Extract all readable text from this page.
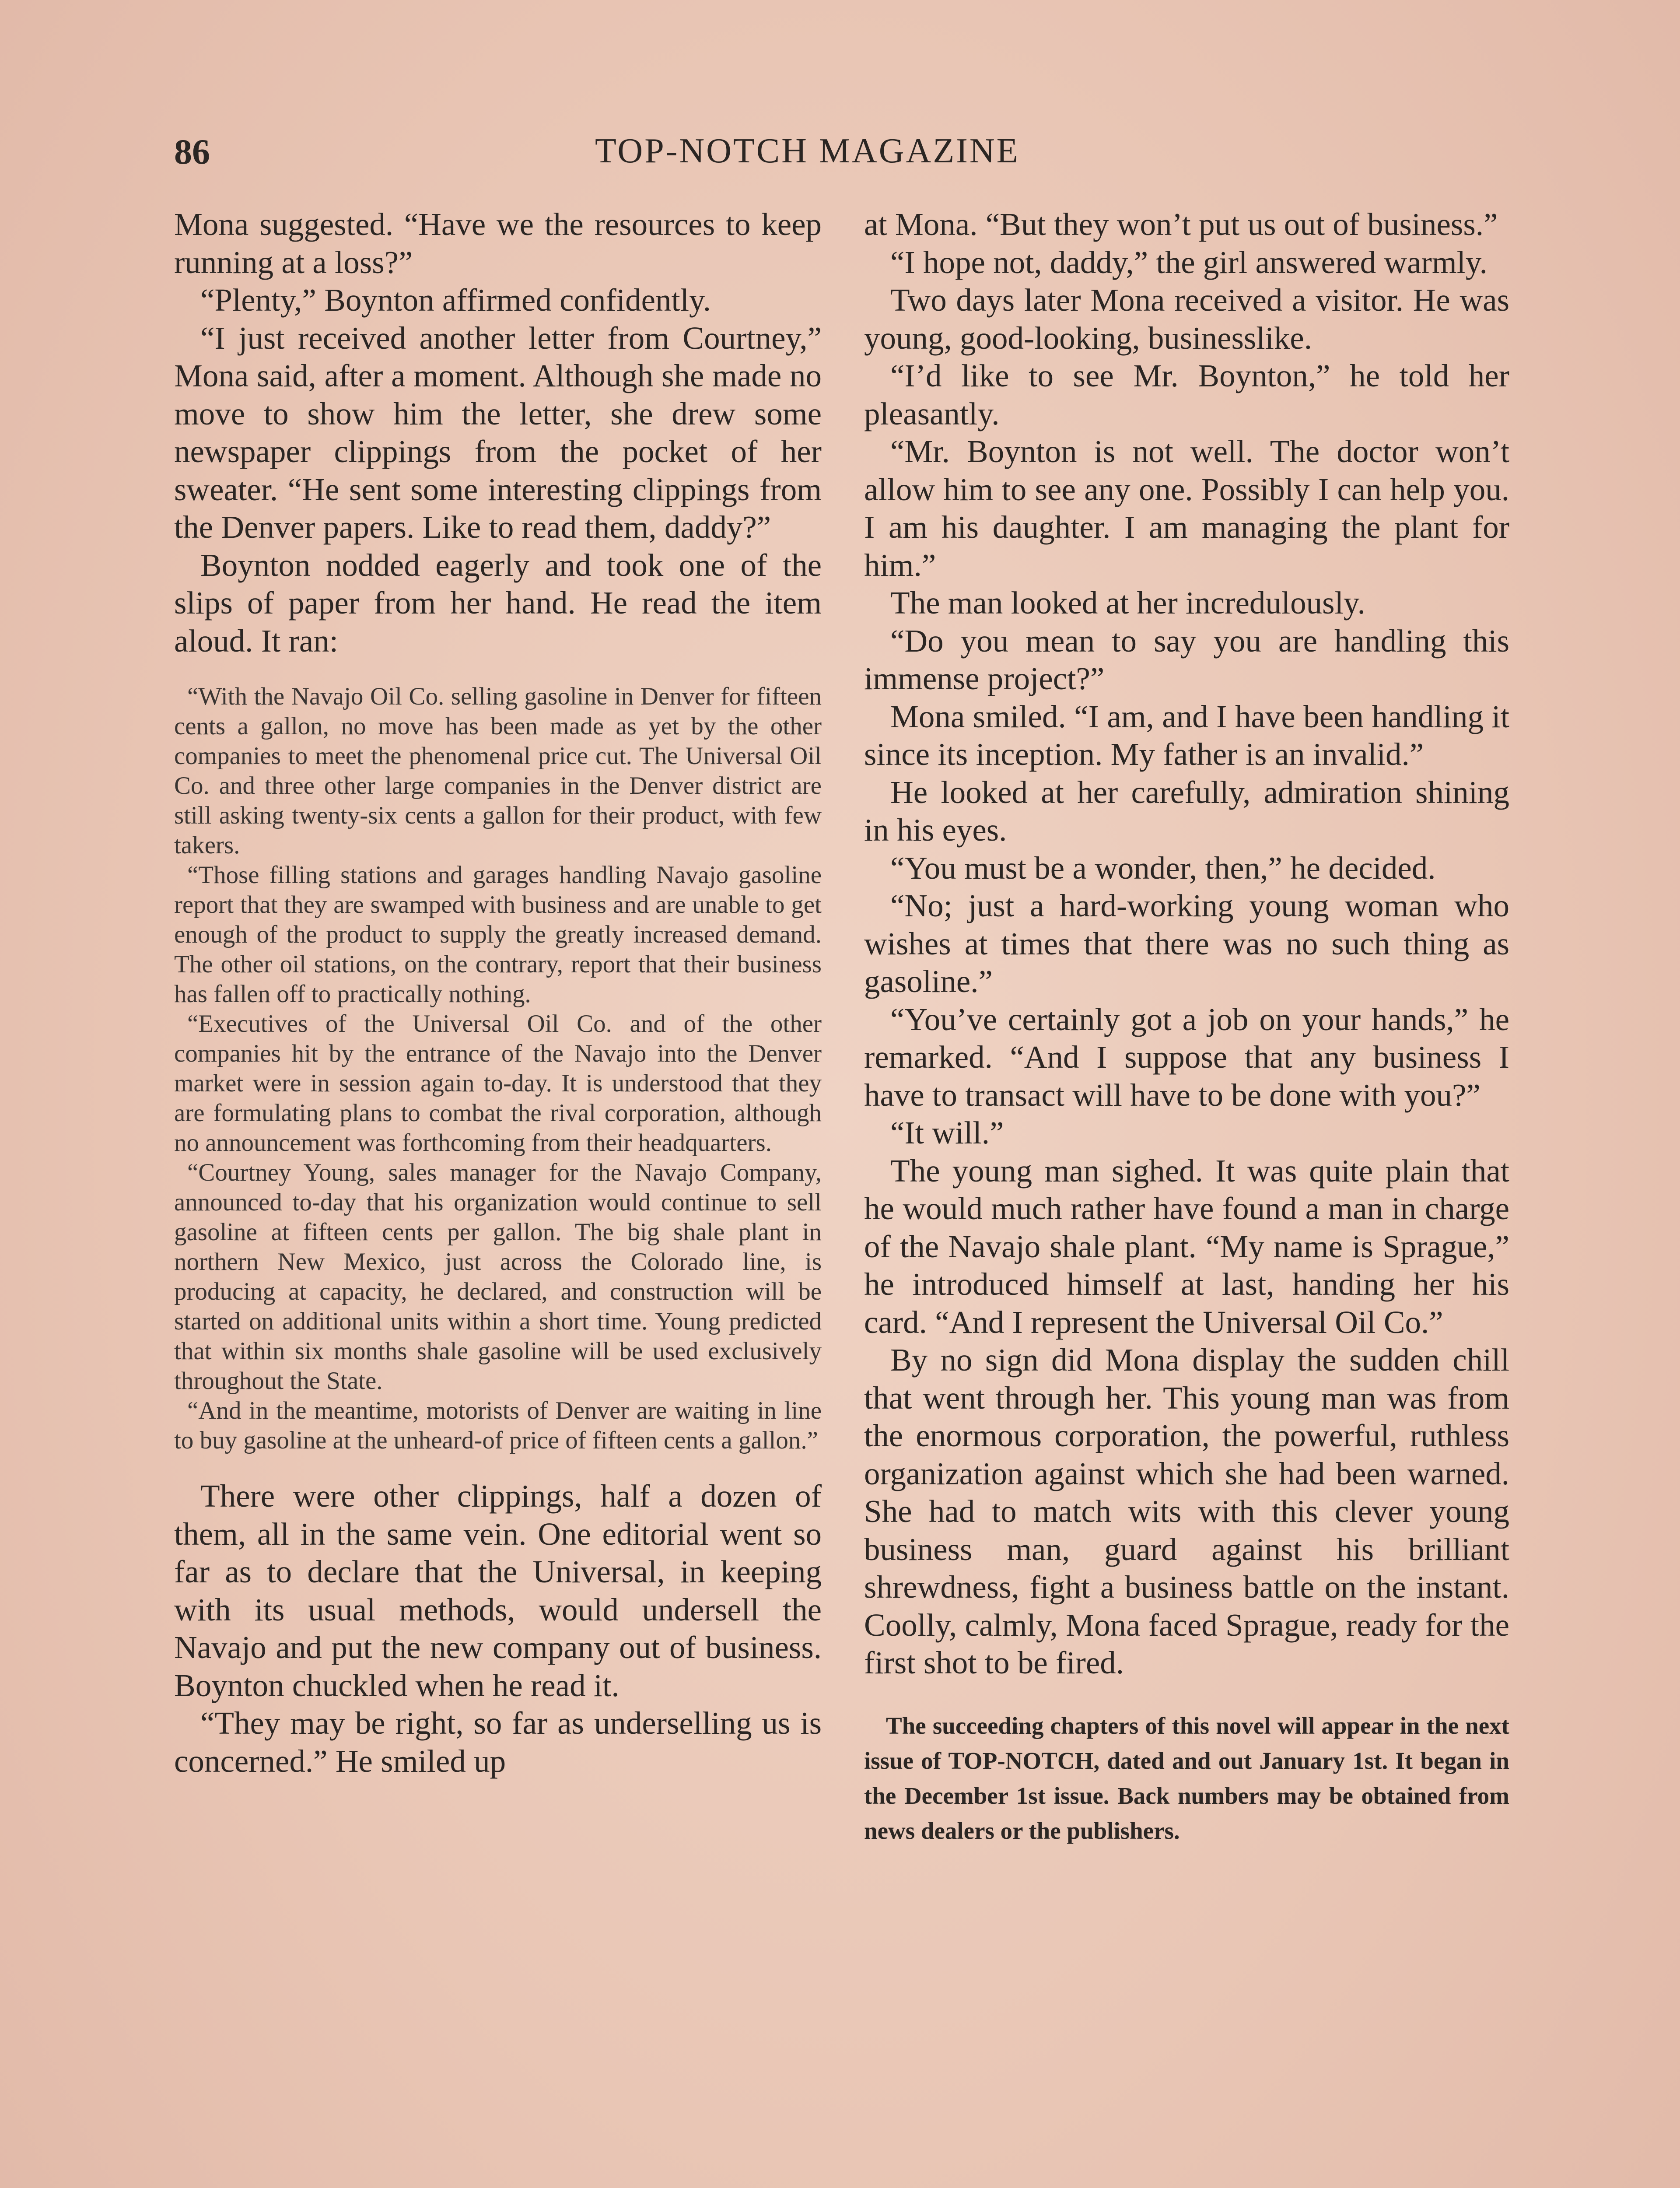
86	TOP-NOTCH MAGAZINE

Mona suggested. “Have we the resources to keep running at a loss?”

“Plenty,” Boynton affirmed confidently.

“I just received another letter from Courtney,” Mona said, after a moment. Although she made no move to show him the letter, she drew some newspaper clippings from the pocket of her sweater. “He sent some interesting clippings from the Denver papers. Like to read them, daddy?”

Boynton nodded eagerly and took one of the slips of paper from her hand. He read the item aloud. It ran:

“With the Navajo Oil Co. selling gasoline in Denver for fifteen cents a gallon, no move has been made as yet by the other companies to meet the phenomenal price cut. The Universal Oil Co. and three other large companies in the Denver district are still asking twenty-six cents a gallon for their product, with few takers.

“Those filling stations and garages handling Navajo gasoline report that they are swamped with business and are unable to get enough of the product to supply the greatly increased demand. The other oil stations, on the contrary, report that their business has fallen off to practically nothing.

“Executives of the Universal Oil Co. and of the other companies hit by the entrance of the Navajo into the Denver market were in session again to-day. It is understood that they are formulating plans to combat the rival corporation, although no announcement was forthcoming from their headquarters.

“Courtney Young, sales manager for the Navajo Company, announced to-day that his organization would continue to sell gasoline at fifteen cents per gallon. The big shale plant in northern New Mexico, just across the Colorado line, is producing at capacity, he declared, and construction will be started on additional units within a short time. Young predicted that within six months shale gasoline will be used exclusively throughout the State.

“And in the meantime, motorists of Denver are waiting in line to buy gasoline at the unheard-of price of fifteen cents a gallon.”

There were other clippings, half a dozen of them, all in the same vein. One editorial went so far as to declare that the Universal, in keeping with its usual methods, would undersell the Navajo and put the new company out of business. Boynton chuckled when he read it.

“They may be right, so far as underselling us is concerned.” He smiled up

at Mona. “But they won’t put us out of business.”

“I hope not, daddy,” the girl answered warmly.

Two days later Mona received a visitor. He was young, good-looking, businesslike.

“I’d like to see Mr. Boynton,” he told her pleasantly.

“Mr. Boynton is not well. The doctor won’t allow him to see any one. Possibly I can help you. I am his daughter. I am managing the plant for him.”

The man looked at her incredulously.

“Do you mean to say you are handling this immense project?”

Mona smiled. “I am, and I have been handling it since its inception. My father is an invalid.”

He looked at her carefully, admiration shining in his eyes.

“You must be a wonder, then,” he decided.

“No; just a hard-working young woman who wishes at times that there was no such thing as gasoline.”

“You’ve certainly got a job on your hands,” he remarked. “And I suppose that any business I have to transact will have to be done with you?”

“It will.”

The young man sighed. It was quite plain that he would much rather have found a man in charge of the Navajo shale plant. “My name is Sprague,” he introduced himself at last, handing her his card. “And I represent the Universal Oil Co.”

By no sign did Mona display the sudden chill that went through her. This young man was from the enormous corporation, the powerful, ruthless organization against which she had been warned. She had to match wits with this clever young business man, guard against his brilliant shrewdness, fight a business battle on the instant. Coolly, calmly, Mona faced Sprague, ready for the first shot to be fired.

The succeeding chapters of this novel will appear in the next issue of TOP-NOTCH, dated and out January 1st. It began in the December 1st issue. Back numbers may be obtained from news dealers or the publishers.
